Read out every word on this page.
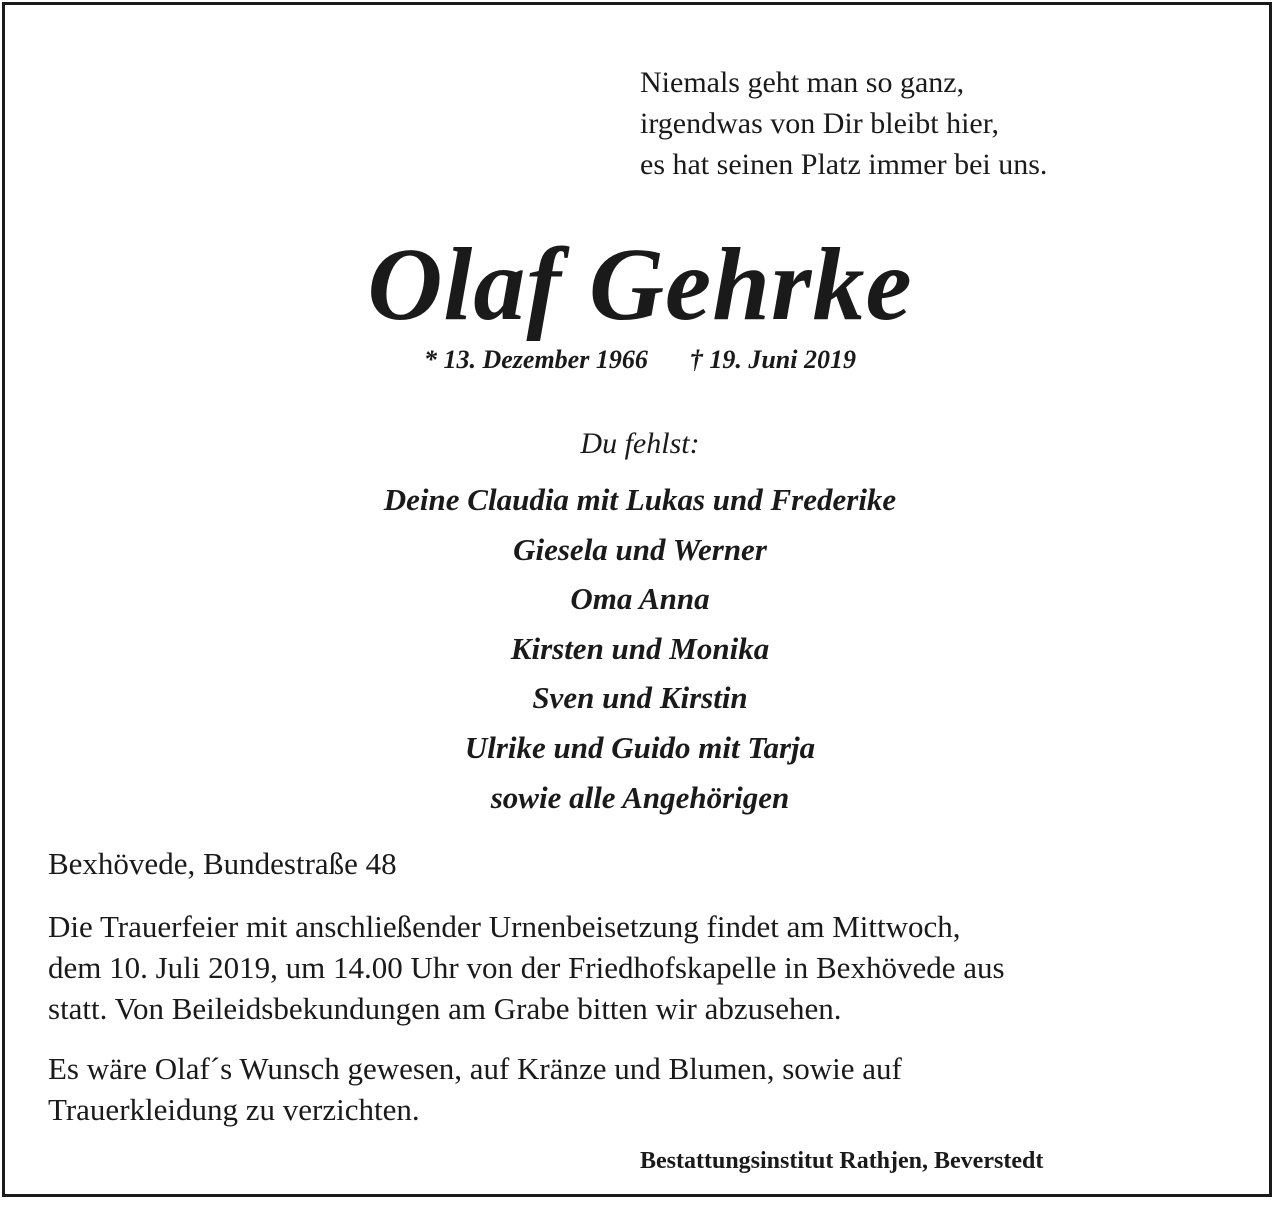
Niemals geht man so ganz,
irgendwas von Dir bleibt hier,
es hat seinen Platz immer bei uns.
Olaf Gehrke
* 13. Dezember 1966 † 19. Juni 2019
Du fehlst:
Deine Claudia mit Lukas und Frederike
Giesela und Werner
Oma Anna
Kirsten und Monika
Sven und Kirstin
Ulrike und Guido mit Tarja
sowie alle Angehörigen
Bexhövede, Bundestraße 48

Die Trauerfeier mit anschließender Urnenbeisetzung findet am Mittwoch,
dem 10. Juli 2019, um 14.00 Uhr von der Friedhofskapelle in Bexhövede aus
statt. Von Beileidsbekundungen am Grabe bitten wir abzusehen.

Es wäre Olaf´s Wunsch gewesen, auf Kränze und Blumen, sowie auf
Trauerkleidung zu verzichten.

Bestattungsinstitut Rathjen, Beverstedt
